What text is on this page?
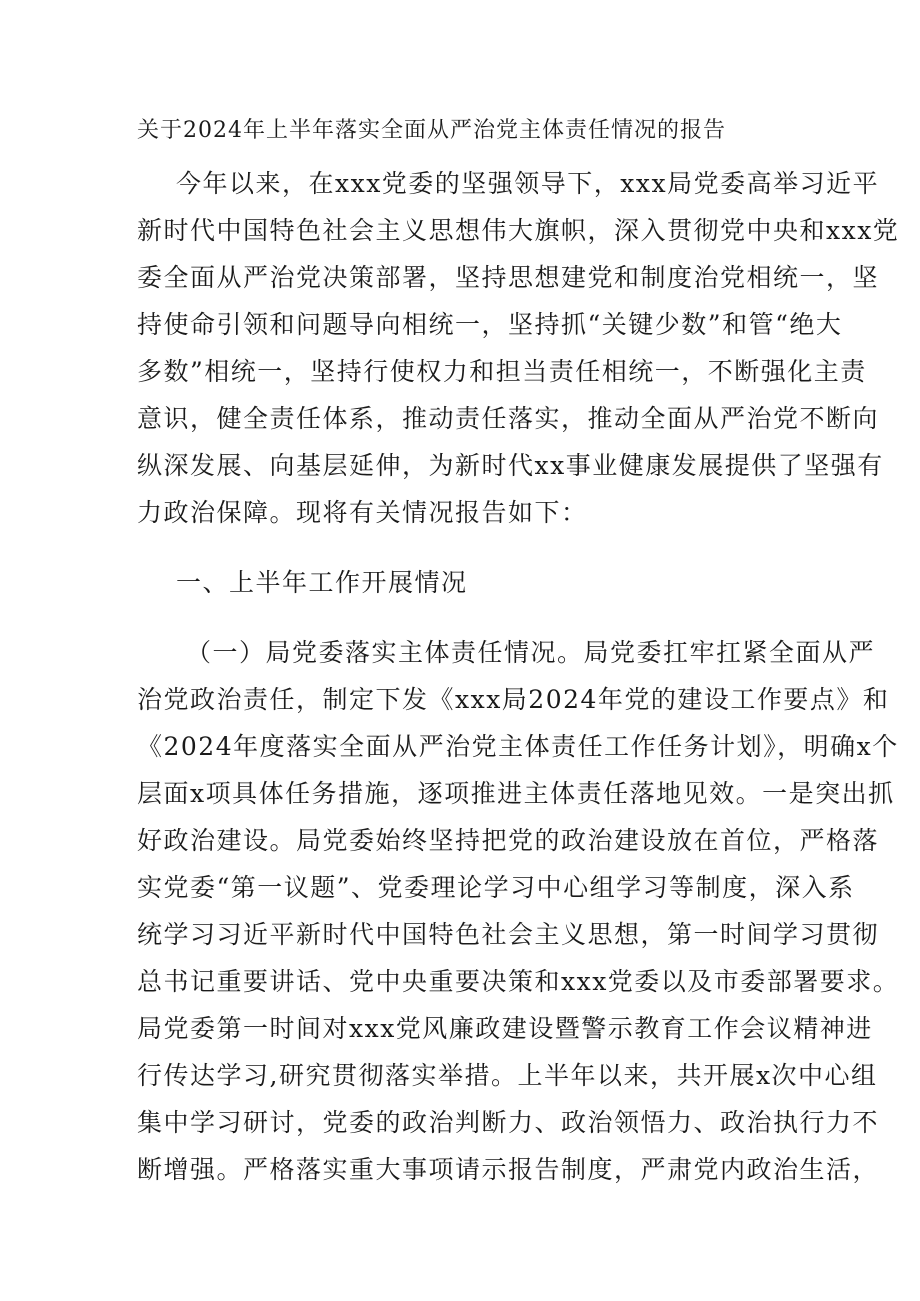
关于2024年上半年落实全面从严治党主体责任情况的报告
今年以来，在xxx党委的坚强领导下，xxx局党委高举习近平
新时代中国特色社会主义思想伟大旗帜，深入贯彻党中央和xxx党
委全面从严治党决策部署，坚持思想建党和制度治党相统一，坚
持使命引领和问题导向相统一，坚持抓“关键少数”和管“绝大
多数”相统一，坚持行使权力和担当责任相统一，不断强化主责
意识，健全责任体系，推动责任落实，推动全面从严治党不断向
纵深发展、向基层延伸，为新时代xx事业健康发展提供了坚强有
力政治保障。现将有关情况报告如下：
一、上半年工作开展情况
（一）局党委落实主体责任情况。局党委扛牢扛紧全面从严
治党政治责任，制定下发《xxx局2024年党的建设工作要点》和
《2024年度落实全面从严治党主体责任工作任务计划》，明确x个
层面x项具体任务措施，逐项推进主体责任落地见效。一是突出抓
好政治建设。局党委始终坚持把党的政治建设放在首位，严格落
实党委“第一议题”、党委理论学习中心组学习等制度，深入系
统学习习近平新时代中国特色社会主义思想，第一时间学习贯彻
总书记重要讲话、党中央重要决策和xxx党委以及市委部署要求。
局党委第一时间对xxx党风廉政建设暨警示教育工作会议精神进
行传达学习,研究贯彻落实举措。上半年以来，共开展x次中心组
集中学习研讨，党委的政治判断力、政治领悟力、政治执行力不
断增强。严格落实重大事项请示报告制度，严肃党内政治生活，
